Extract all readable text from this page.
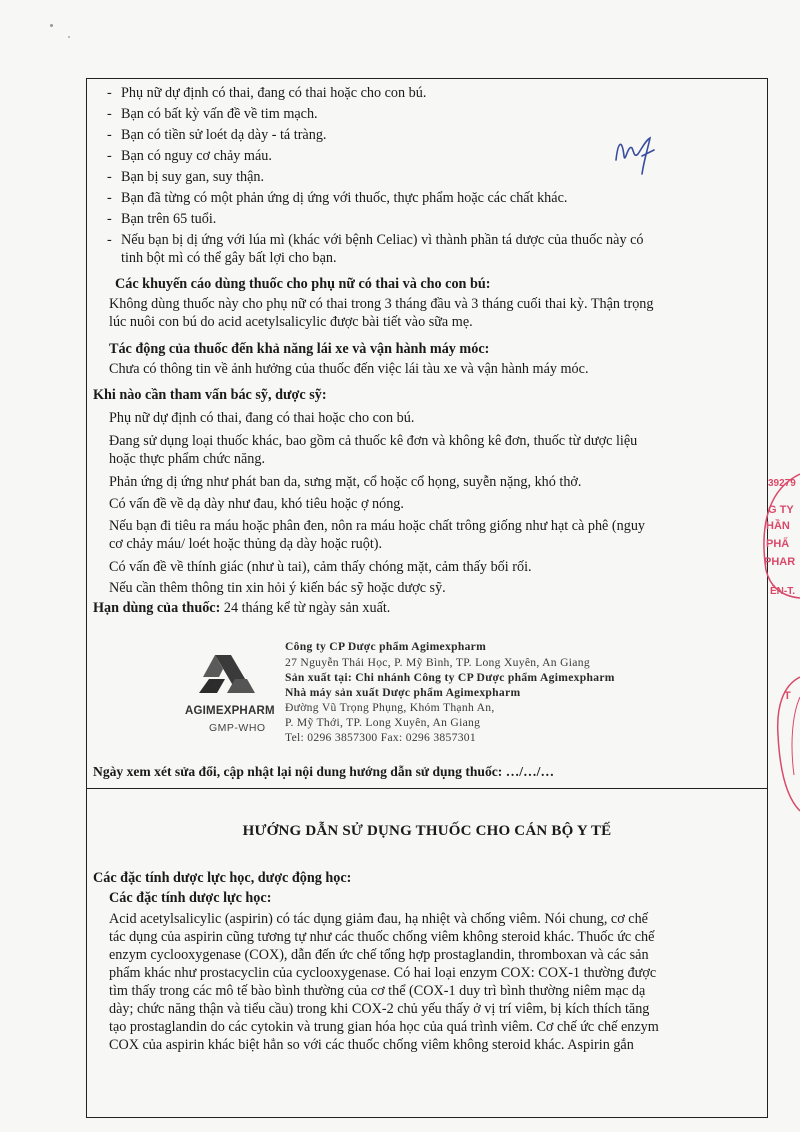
- Phụ nữ dự định có thai, đang có thai hoặc cho con bú.
- Bạn có bất kỳ vấn đề về tim mạch.
- Bạn có tiền sử loét dạ dày - tá tràng.
- Bạn có nguy cơ chảy máu.
- Bạn bị suy gan, suy thận.
- Bạn đã từng có một phản ứng dị ứng với thuốc, thực phẩm hoặc các chất khác.
- Bạn trên 65 tuổi.
- Nếu bạn bị dị ứng với lúa mì (khác với bệnh Celiac) vì thành phần tá dược của thuốc này có
tinh bột mì có thể gây bất lợi cho bạn.
Các khuyến cáo dùng thuốc cho phụ nữ có thai và cho con bú:
Không dùng thuốc này cho phụ nữ có thai trong 3 tháng đầu và 3 tháng cuối thai kỳ. Thận trọng
lúc nuôi con bú do acid acetylsalicylic được bài tiết vào sữa mẹ.
Tác động của thuốc đến khả năng lái xe và vận hành máy móc:
Chưa có thông tin về ảnh hưởng của thuốc đến việc lái tàu xe và vận hành máy móc.
Khi nào cần tham vấn bác sỹ, dược sỹ:
Phụ nữ dự định có thai, đang có thai hoặc cho con bú.
Đang sử dụng loại thuốc khác, bao gồm cả thuốc kê đơn và không kê đơn, thuốc từ dược liệu
hoặc thực phẩm chức năng.
Phản ứng dị ứng như phát ban da, sưng mặt, cổ hoặc cổ họng, suyễn nặng, khó thở.
Có vấn đề về dạ dày như đau, khó tiêu hoặc ợ nóng.
Nếu bạn đi tiêu ra máu hoặc phân đen, nôn ra máu hoặc chất trông giống như hạt cà phê (nguy
cơ chảy máu/ loét hoặc thủng dạ dày hoặc ruột).
Có vấn đề về thính giác (như ù tai), cảm thấy chóng mặt, cảm thấy bối rối.
Nếu cần thêm thông tin xin hỏi ý kiến bác sỹ hoặc dược sỹ.
Hạn dùng của thuốc: 24 tháng kể từ ngày sản xuất.
AGIMEXPHARM
GMP-WHO
Công ty CP Dược phẩm Agimexpharm
27 Nguyễn Thái Học, P. Mỹ Bình, TP. Long Xuyên, An Giang
Sản xuất tại: Chi nhánh Công ty CP Dược phẩm Agimexpharm
Nhà máy sản xuất Dược phẩm Agimexpharm
Đường Vũ Trọng Phụng, Khóm Thạnh An,
P. Mỹ Thới, TP. Long Xuyên, An Giang
Tel: 0296 3857300 Fax: 0296 3857301
Ngày xem xét sửa đổi, cập nhật lại nội dung hướng dẫn sử dụng thuốc: …/…/…
HƯỚNG DẪN SỬ DỤNG THUỐC CHO CÁN BỘ Y TẾ
Các đặc tính dược lực học, dược động học:
Các đặc tính dược lực học:
Acid acetylsalicylic (aspirin) có tác dụng giảm đau, hạ nhiệt và chống viêm. Nói chung, cơ chế
tác dụng của aspirin cũng tương tự như các thuốc chống viêm không steroid khác. Thuốc ức chế
enzym cyclooxygenase (COX), dẫn đến ức chế tổng hợp prostaglandin, thromboxan và các sản
phẩm khác như prostacyclin của cyclooxygenase. Có hai loại enzym COX: COX-1 thường được
tìm thấy trong các mô tế bào bình thường của cơ thể (COX-1 duy trì bình thường niêm mạc dạ
dày; chức năng thận và tiểu cầu) trong khi COX-2 chủ yếu thấy ở vị trí viêm, bị kích thích tăng
tạo prostaglandin do các cytokin và trung gian hóa học của quá trình viêm. Cơ chế ức chế enzym
COX của aspirin khác biệt hẳn so với các thuốc chống viêm không steroid khác. Aspirin gắn
39279
G TY
HẦN
PHẨ
PHAR
ÊN-T.
T
